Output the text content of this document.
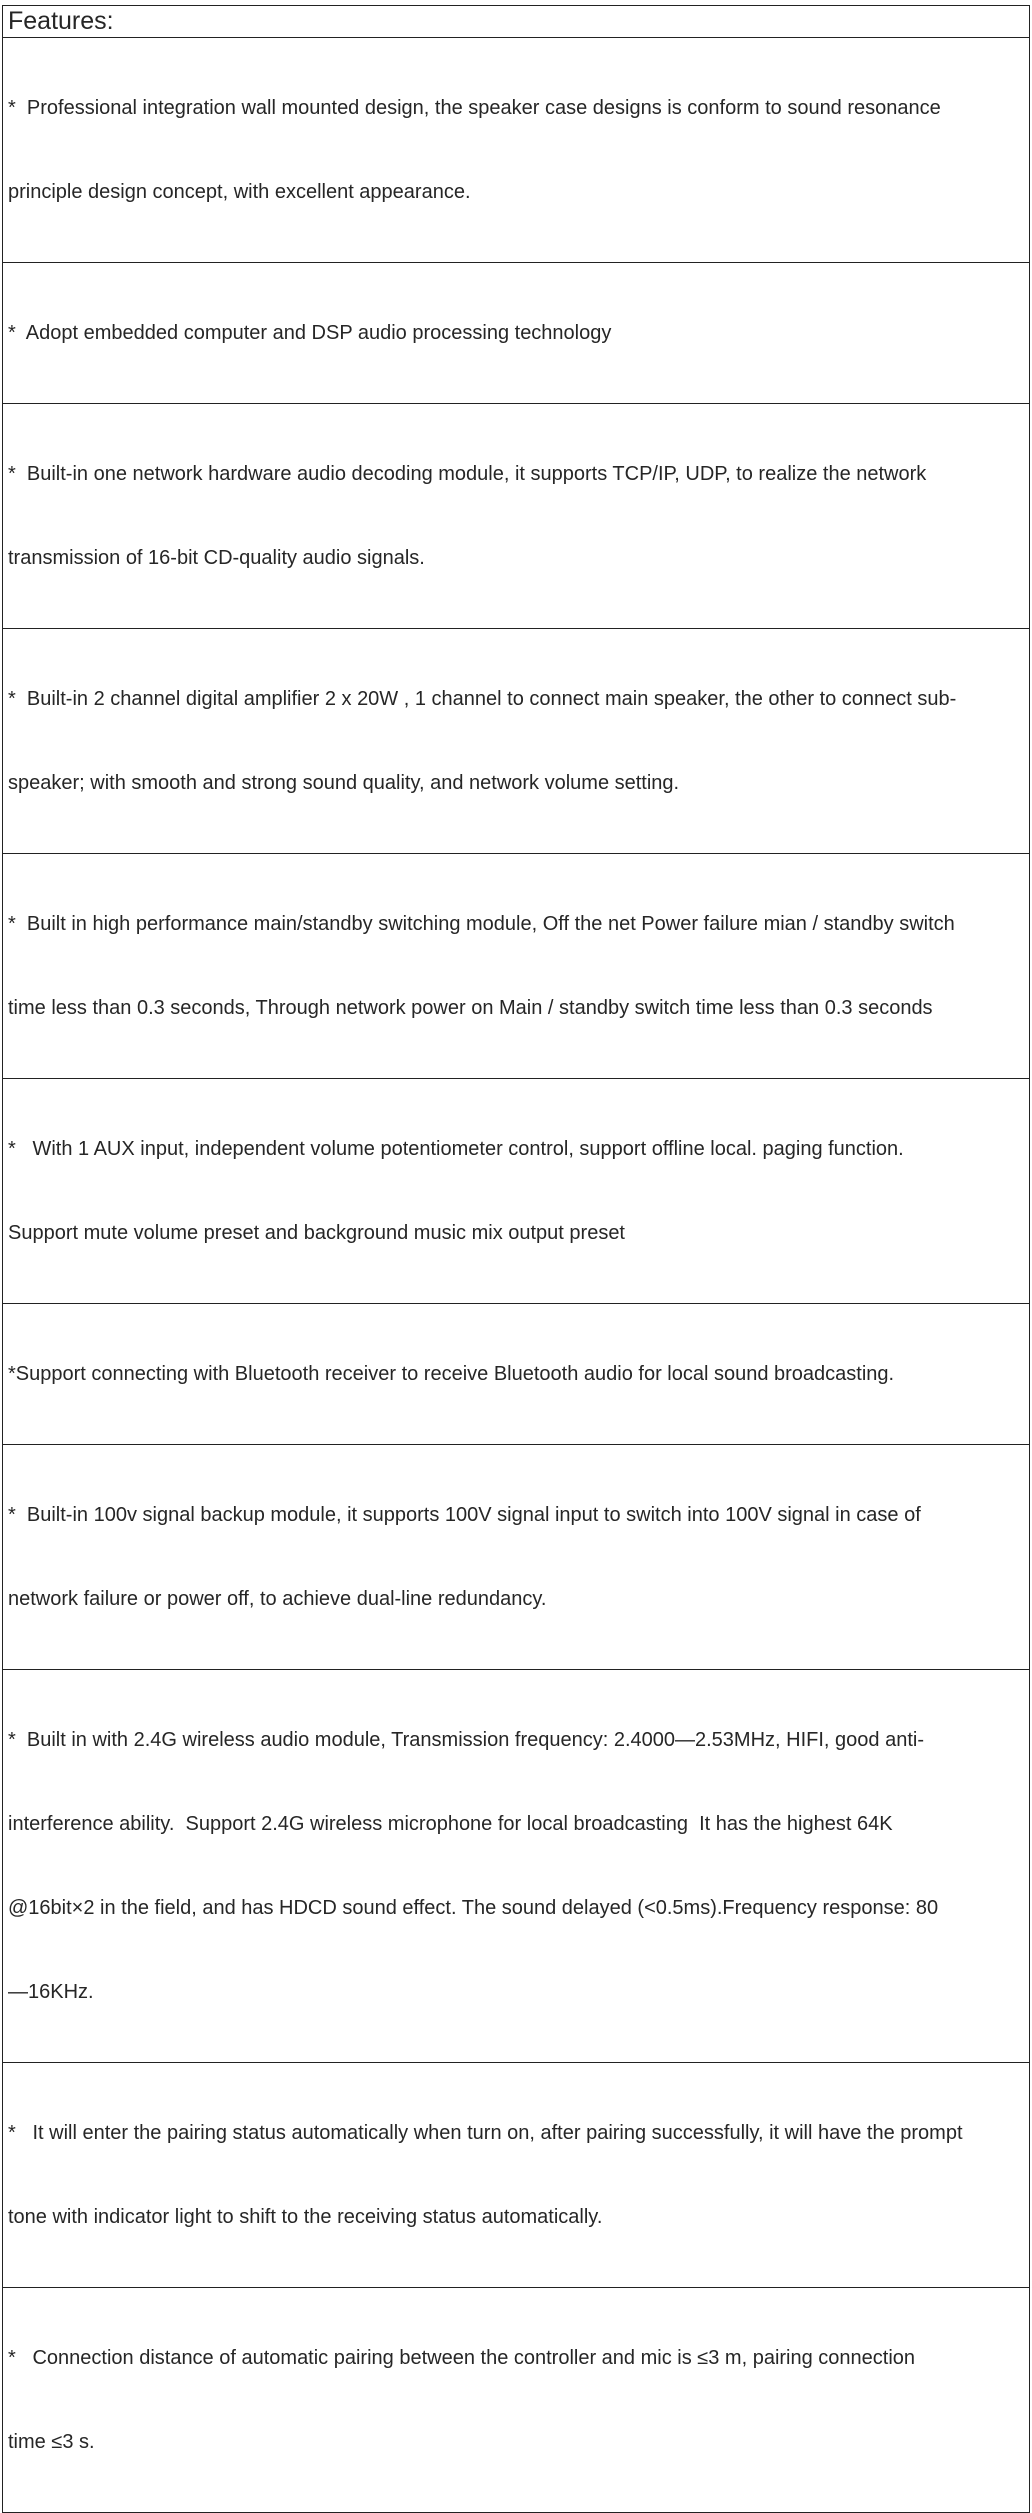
Features:

*  Professional integration wall mounted design, the speaker case designs is conform to sound resonance

principle design concept, with excellent appearance.

*  Adopt embedded computer and DSP audio processing technology

*  Built-in one network hardware audio decoding module, it supports TCP/IP, UDP, to realize the network

transmission of 16-bit CD-quality audio signals.

*  Built-in 2 channel digital amplifier 2 x 20W , 1 channel to connect main speaker, the other to connect sub-

speaker; with smooth and strong sound quality, and network volume setting.

*  Built in high performance main/standby switching module, Off the net Power failure mian / standby switch

time less than 0.3 seconds, Through network power on Main / standby switch time less than 0.3 seconds

*   With 1 AUX input, independent volume potentiometer control, support offline local. paging function.

Support mute volume preset and background music mix output preset

*Support connecting with Bluetooth receiver to receive Bluetooth audio for local sound broadcasting.

*  Built-in 100v signal backup module, it supports 100V signal input to switch into 100V signal in case of

network failure or power off, to achieve dual-line redundancy.

*  Built in with 2.4G wireless audio module, Transmission frequency: 2.4000—2.53MHz, HIFI, good anti-

interference ability.  Support 2.4G wireless microphone for local broadcasting  It has the highest 64K

@16bit×2 in the field, and has HDCD sound effect. The sound delayed (<0.5ms).Frequency response: 80

—16KHz.

*   It will enter the pairing status automatically when turn on, after pairing successfully, it will have the prompt

tone with indicator light to shift to the receiving status automatically.

*   Connection distance of automatic pairing between the controller and mic is ≤3 m, pairing connection

time ≤3 s.
